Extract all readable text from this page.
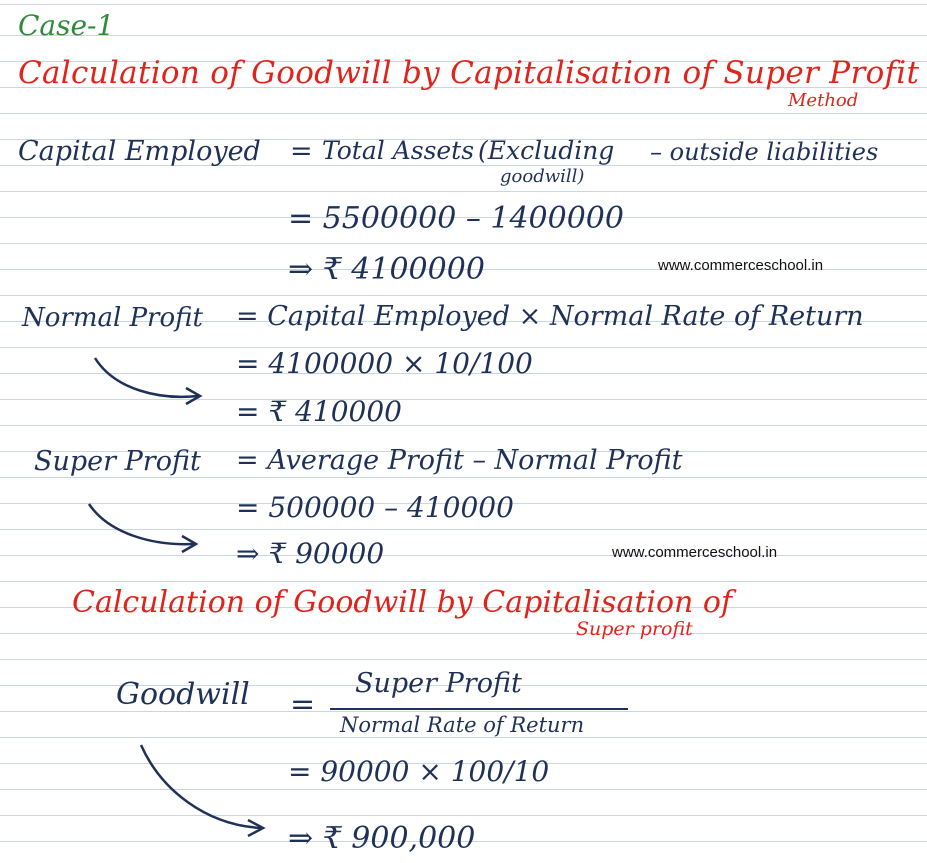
Case-1
Calculation of Goodwill by Capitalisation of Super Profit
Method
Capital Employed = Total Assets (Excluding
goodwill)
– outside liabilities
= 5500000 – 1400000
⇒ ₹ 4100000	www.commerceschool.in
Normal Profit = Capital Employed × Normal Rate of Return
= 4100000 × 10/100
= ₹ 410000
Super Profit = Average Profit – Normal Profit
= 500000 – 410000
⇒ ₹ 90000	www.commerceschool.in
Calculation of Goodwill by Capitalisation of
Super profit
Goodwill =
Super Profit
Normal Rate of Return
= 90000 × 100/10
⇒ ₹ 900,000
